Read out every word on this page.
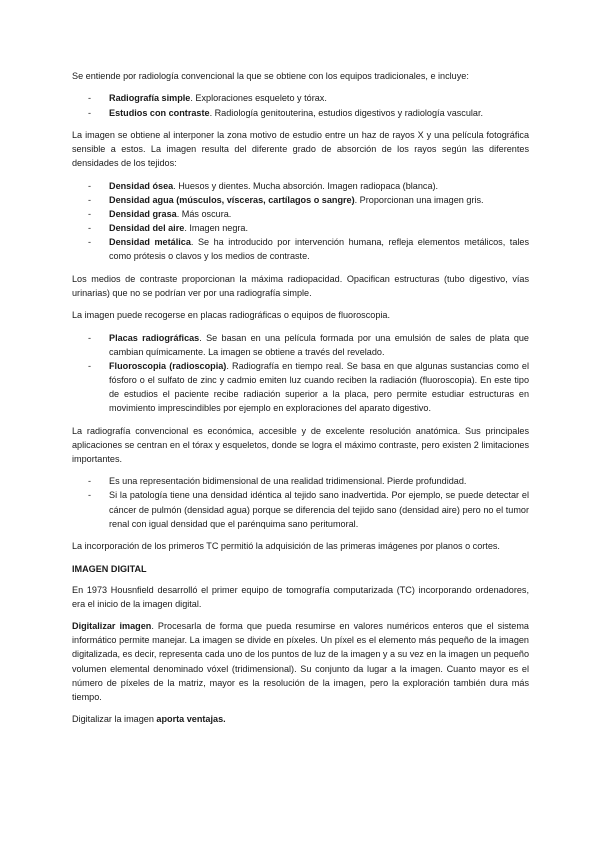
Se entiende por radiología convencional la que se obtiene con los equipos tradicionales, e incluye:

- Radiografía simple. Exploraciones esqueleto y tórax.
- Estudios con contraste. Radiología genitouterina, estudios digestivos y radiología vascular.

La imagen se obtiene al interponer la zona motivo de estudio entre un haz de rayos X y una película fotográfica sensible a estos. La imagen resulta del diferente grado de absorción de los rayos según las diferentes densidades de los tejidos:

- Densidad ósea. Huesos y dientes. Mucha absorción. Imagen radiopaca (blanca).
- Densidad agua (músculos, vísceras, cartílagos o sangre). Proporcionan una imagen gris.
- Densidad grasa. Más oscura.
- Densidad del aire. Imagen negra.
- Densidad metálica. Se ha introducido por intervención humana, refleja elementos metálicos, tales como prótesis o clavos y los medios de contraste.

Los medios de contraste proporcionan la máxima radiopacidad. Opacifican estructuras (tubo digestivo, vías urinarias) que no se podrían ver por una radiografía simple.

La imagen puede recogerse en placas radiográficas o equipos de fluoroscopia.

- Placas radiográficas. Se basan en una película formada por una emulsión de sales de plata que cambian químicamente. La imagen se obtiene a través del revelado.
- Fluoroscopia (radioscopia). Radiografía en tiempo real. Se basa en que algunas sustancias como el fósforo o el sulfato de zinc y cadmio emiten luz cuando reciben la radiación (fluoroscopia). En este tipo de estudios el paciente recibe radiación superior a la placa, pero permite estudiar estructuras en movimiento imprescindibles por ejemplo en exploraciones del aparato digestivo.

La radiografía convencional es económica, accesible y de excelente resolución anatómica. Sus principales aplicaciones se centran en el tórax y esqueletos, donde se logra el máximo contraste, pero existen 2 limitaciones importantes.

- Es una representación bidimensional de una realidad tridimensional. Pierde profundidad.
- Si la patología tiene una densidad idéntica al tejido sano inadvertida. Por ejemplo, se puede detectar el cáncer de pulmón (densidad agua) porque se diferencia del tejido sano (densidad aire) pero no el tumor renal con igual densidad que el parénquima sano peritumoral.

La incorporación de los primeros TC permitió la adquisición de las primeras imágenes por planos o cortes.

IMAGEN DIGITAL

En 1973 Housnfield desarrolló el primer equipo de tomografía computarizada (TC) incorporando ordenadores, era el inicio de la imagen digital.

Digitalizar imagen. Procesarla de forma que pueda resumirse en valores numéricos enteros que el sistema informático permite manejar. La imagen se divide en píxeles. Un píxel es el elemento más pequeño de la imagen digitalizada, es decir, representa cada uno de los puntos de luz de la imagen y a su vez en la imagen un pequeño volumen elemental denominado vóxel (tridimensional). Su conjunto da lugar a la imagen. Cuanto mayor es el número de píxeles de la matriz, mayor es la resolución de la imagen, pero la exploración también dura más tiempo.

Digitalizar la imagen aporta ventajas.
